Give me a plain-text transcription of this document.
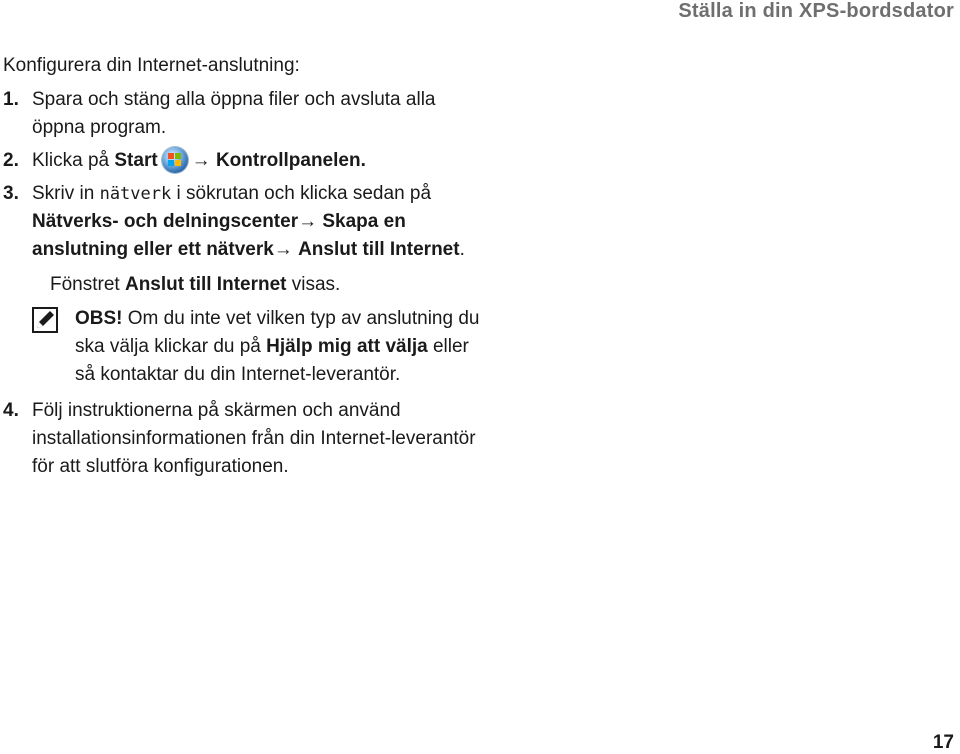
Ställa in din XPS-bordsdator
Konfigurera din Internet-anslutning:
1. Spara och stäng alla öppna filer och avsluta alla öppna program.
2. Klicka på Start → Kontrollpanelen.
3. Skriv in nätverk i sökrutan och klicka sedan på Nätverks- och delningscenter→ Skapa en anslutning eller ett nätverk→ Anslut till Internet.
Fönstret Anslut till Internet visas.
OBS! Om du inte vet vilken typ av anslutning du ska välja klickar du på Hjälp mig att välja eller så kontaktar du din Internet-leverantör.
4. Följ instruktionerna på skärmen och använd installationsinformationen från din Internet-leverantör för att slutföra konfigurationen.
17
